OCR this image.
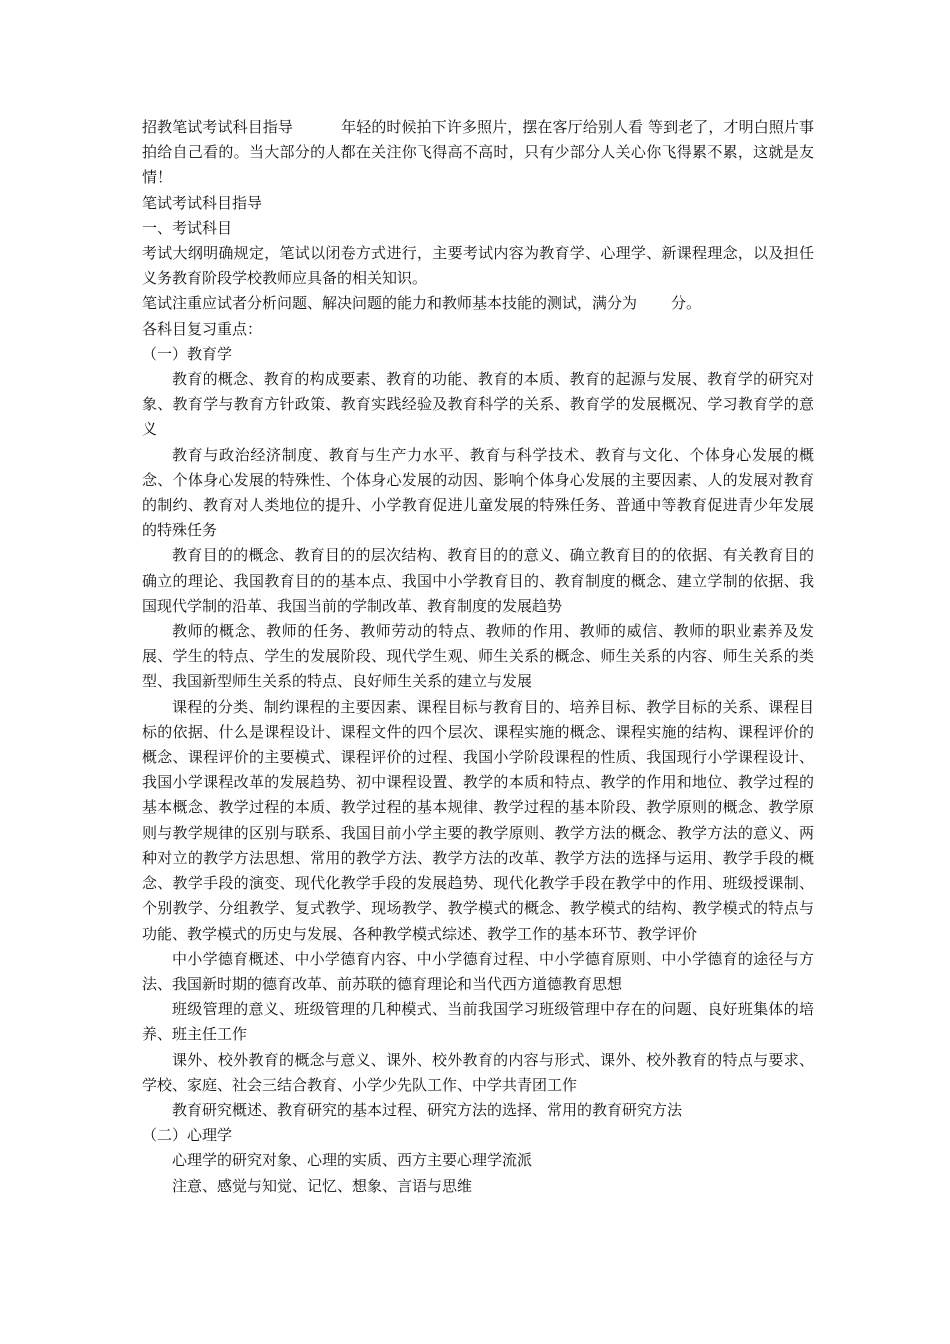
招教笔试考试科目指导	年轻的时候拍下许多照片，摆在客厅给别人看 等到老了，才明白照片事拍给自己看的。当大部分的人都在关注你飞得高不高时，只有少部分人关心你飞得累不累，这就是友情！

笔试考试科目指导

一、考试科目

考试大纲明确规定，笔试以闭卷方式进行，主要考试内容为教育学、心理学、新课程理念，以及担任义务教育阶段学校教师应具备的相关知识。

笔试注重应试者分析问题、解决问题的能力和教师基本技能的测试，满分为 分。

各科目复习重点：

（一）教育学

教育的概念、教育的构成要素、教育的功能、教育的本质、教育的起源与发展、教育学的研究对象、教育学与教育方针政策、教育实践经验及教育科学的关系、教育学的发展概况、学习教育学的意义

教育与政治经济制度、教育与生产力水平、教育与科学技术、教育与文化、个体身心发展的概念、个体身心发展的特殊性、个体身心发展的动因、影响个体身心发展的主要因素、人的发展对教育的制约、教育对人类地位的提升、小学教育促进儿童发展的特殊任务、普通中等教育促进青少年发展的特殊任务

教育目的的概念、教育目的的层次结构、教育目的的意义、确立教育目的的依据、有关教育目的确立的理论、我国教育目的的基本点、我国中小学教育目的、教育制度的概念、建立学制的依据、我国现代学制的沿革、我国当前的学制改革、教育制度的发展趋势

教师的概念、教师的任务、教师劳动的特点、教师的作用、教师的威信、教师的职业素养及发展、学生的特点、学生的发展阶段、现代学生观、师生关系的概念、师生关系的内容、师生关系的类型、我国新型师生关系的特点、良好师生关系的建立与发展

课程的分类、制约课程的主要因素、课程目标与教育目的、培养目标、教学目标的关系、课程目标的依据、什么是课程设计、课程文件的四个层次、课程实施的概念、课程实施的结构、课程评价的概念、课程评价的主要模式、课程评价的过程、我国小学阶段课程的性质、我国现行小学课程设计、我国小学课程改革的发展趋势、初中课程设置、教学的本质和特点、教学的作用和地位、教学过程的基本概念、教学过程的本质、教学过程的基本规律、教学过程的基本阶段、教学原则的概念、教学原则与教学规律的区别与联系、我国目前小学主要的教学原则、教学方法的概念、教学方法的意义、两种对立的教学方法思想、常用的教学方法、教学方法的改革、教学方法的选择与运用、教学手段的概念、教学手段的演变、现代化教学手段的发展趋势、现代化教学手段在教学中的作用、班级授课制、个别教学、分组教学、复式教学、现场教学、教学模式的概念、教学模式的结构、教学模式的特点与功能、教学模式的历史与发展、各种教学模式综述、教学工作的基本环节、教学评价

中小学德育概述、中小学德育内容、中小学德育过程、中小学德育原则、中小学德育的途径与方法、我国新时期的德育改革、前苏联的德育理论和当代西方道德教育思想

班级管理的意义、班级管理的几种模式、当前我国学习班级管理中存在的问题、良好班集体的培养、班主任工作

课外、校外教育的概念与意义、课外、校外教育的内容与形式、课外、校外教育的特点与要求、学校、家庭、社会三结合教育、小学少先队工作、中学共青团工作

教育研究概述、教育研究的基本过程、研究方法的选择、常用的教育研究方法

（二）心理学

心理学的研究对象、心理的实质、西方主要心理学流派

注意、感觉与知觉、记忆、想象、言语与思维
